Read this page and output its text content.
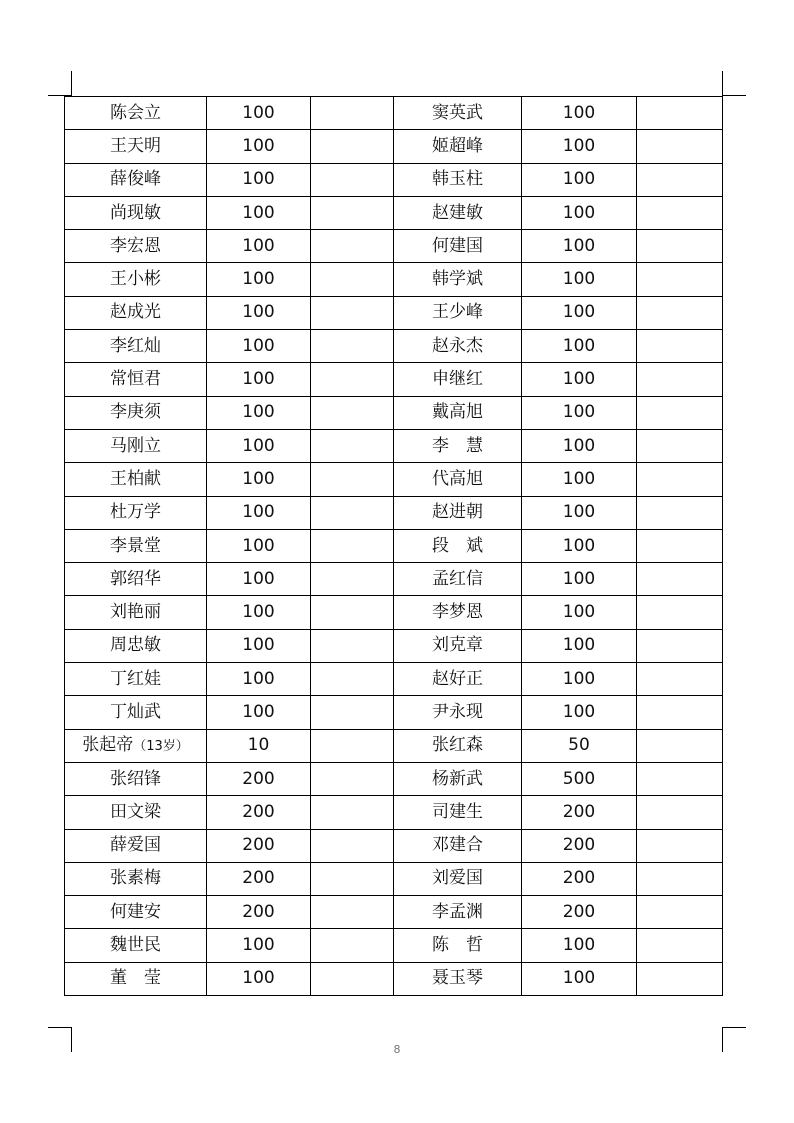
陈会立	100		窦英武	100	
王天明	100		姬超峰	100	
薛俊峰	100		韩玉柱	100	
尚现敏	100		赵建敏	100	
李宏恩	100		何建国	100	
王小彬	100		韩学斌	100	
赵成光	100		王少峰	100	
李红灿	100		赵永杰	100	
常恒君	100		申继红	100	
李庚须	100		戴高旭	100	
马刚立	100		李　慧	100	
王柏献	100		代高旭	100	
杜万学	100		赵进朝	100	
李景堂	100		段　斌	100	
郭绍华	100		孟红信	100	
刘艳丽	100		李梦恩	100	
周忠敏	100		刘克章	100	
丁红娃	100		赵好正	100	
丁灿武	100		尹永现	100	
张起帝（13岁）	10		张红森	50	
张绍锋	200		杨新武	500	
田文梁	200		司建生	200	
薛爱国	200		邓建合	200	
张素梅	200		刘爱国	200	
何建安	200		李孟渊	200	
魏世民	100		陈　哲	100	
董　莹	100		聂玉琴	100	
8
